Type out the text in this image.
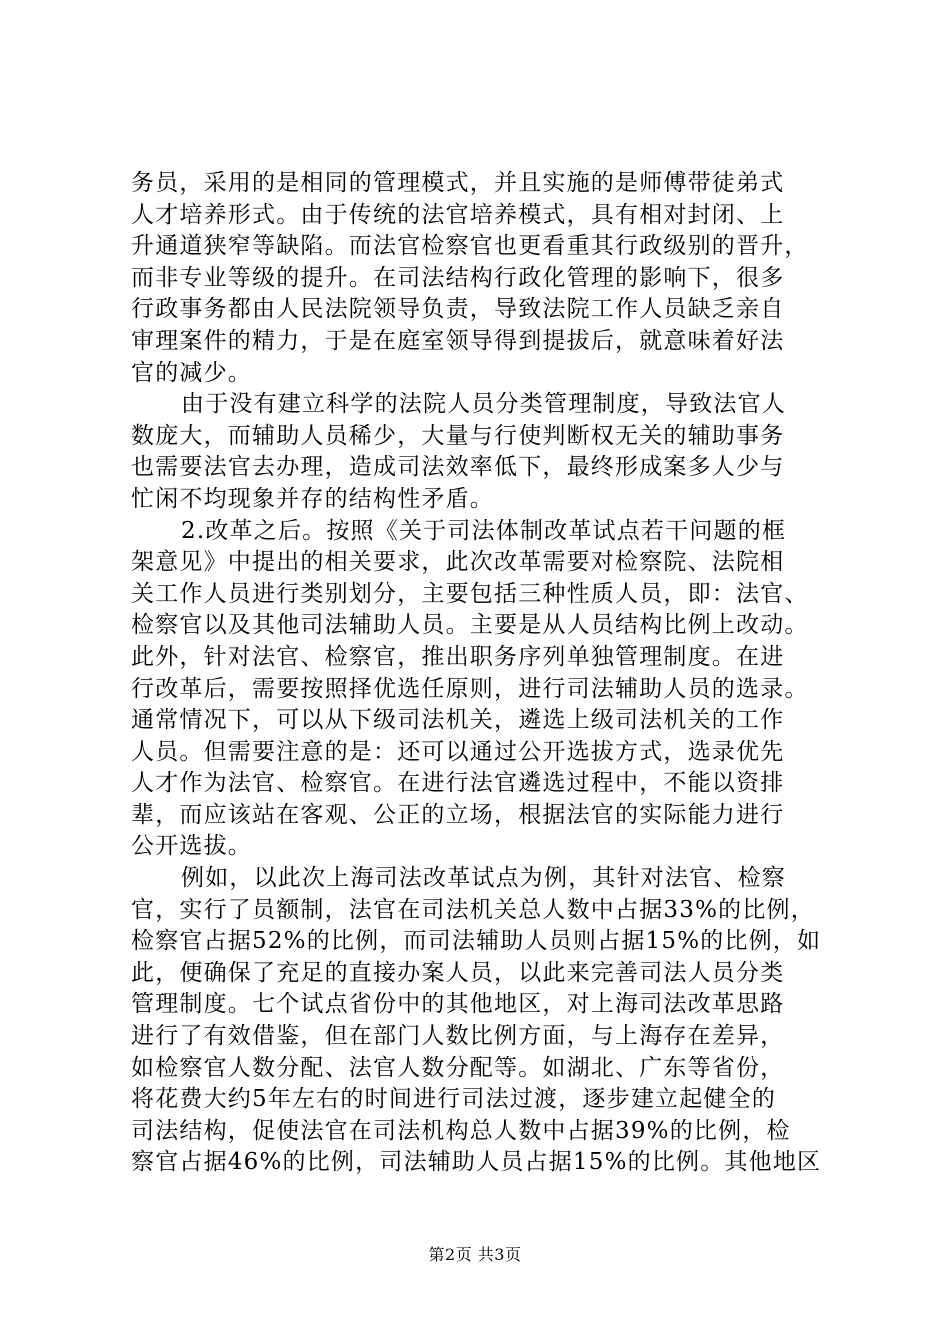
务员，采用的是相同的管理模式，并且实施的是师傅带徒弟式
人才培养形式。由于传统的法官培养模式，具有相对封闭、上
升通道狭窄等缺陷。而法官检察官也更看重其行政级别的晋升，
而非专业等级的提升。在司法结构行政化管理的影响下，很多
行政事务都由人民法院领导负责，导致法院工作人员缺乏亲自
审理案件的精力，于是在庭室领导得到提拔后，就意味着好法
官的减少。
由于没有建立科学的法院人员分类管理制度，导致法官人
数庞大，而辅助人员稀少，大量与行使判断权无关的辅助事务
也需要法官去办理，造成司法效率低下，最终形成案多人少与
忙闲不均现象并存的结构性矛盾。
2.改革之后。按照《关于司法体制改革试点若干问题的框
架意见》中提出的相关要求，此次改革需要对检察院、法院相
关工作人员进行类别划分，主要包括三种性质人员，即：法官、
检察官以及其他司法辅助人员。主要是从人员结构比例上改动。
此外，针对法官、检察官，推出职务序列单独管理制度。在进
行改革后，需要按照择优选任原则，进行司法辅助人员的选录。
通常情况下，可以从下级司法机关，遴选上级司法机关的工作
人员。但需要注意的是：还可以通过公开选拔方式，选录优先
人才作为法官、检察官。在进行法官遴选过程中，不能以资排
辈，而应该站在客观、公正的立场，根据法官的实际能力进行
公开选拔。
例如，以此次上海司法改革试点为例，其针对法官、检察
官，实行了员额制，法官在司法机关总人数中占据33%的比例，
检察官占据52%的比例，而司法辅助人员则占据15%的比例，如
此，便确保了充足的直接办案人员，以此来完善司法人员分类
管理制度。七个试点省份中的其他地区，对上海司法改革思路
进行了有效借鉴，但在部门人数比例方面，与上海存在差异，
如检察官人数分配、法官人数分配等。如湖北、广东等省份，
将花费大约5年左右的时间进行司法过渡，逐步建立起健全的
司法结构，促使法官在司法机构总人数中占据39%的比例，检
察官占据46%的比例，司法辅助人员占据15%的比例。其他地区
第2页 共3页
